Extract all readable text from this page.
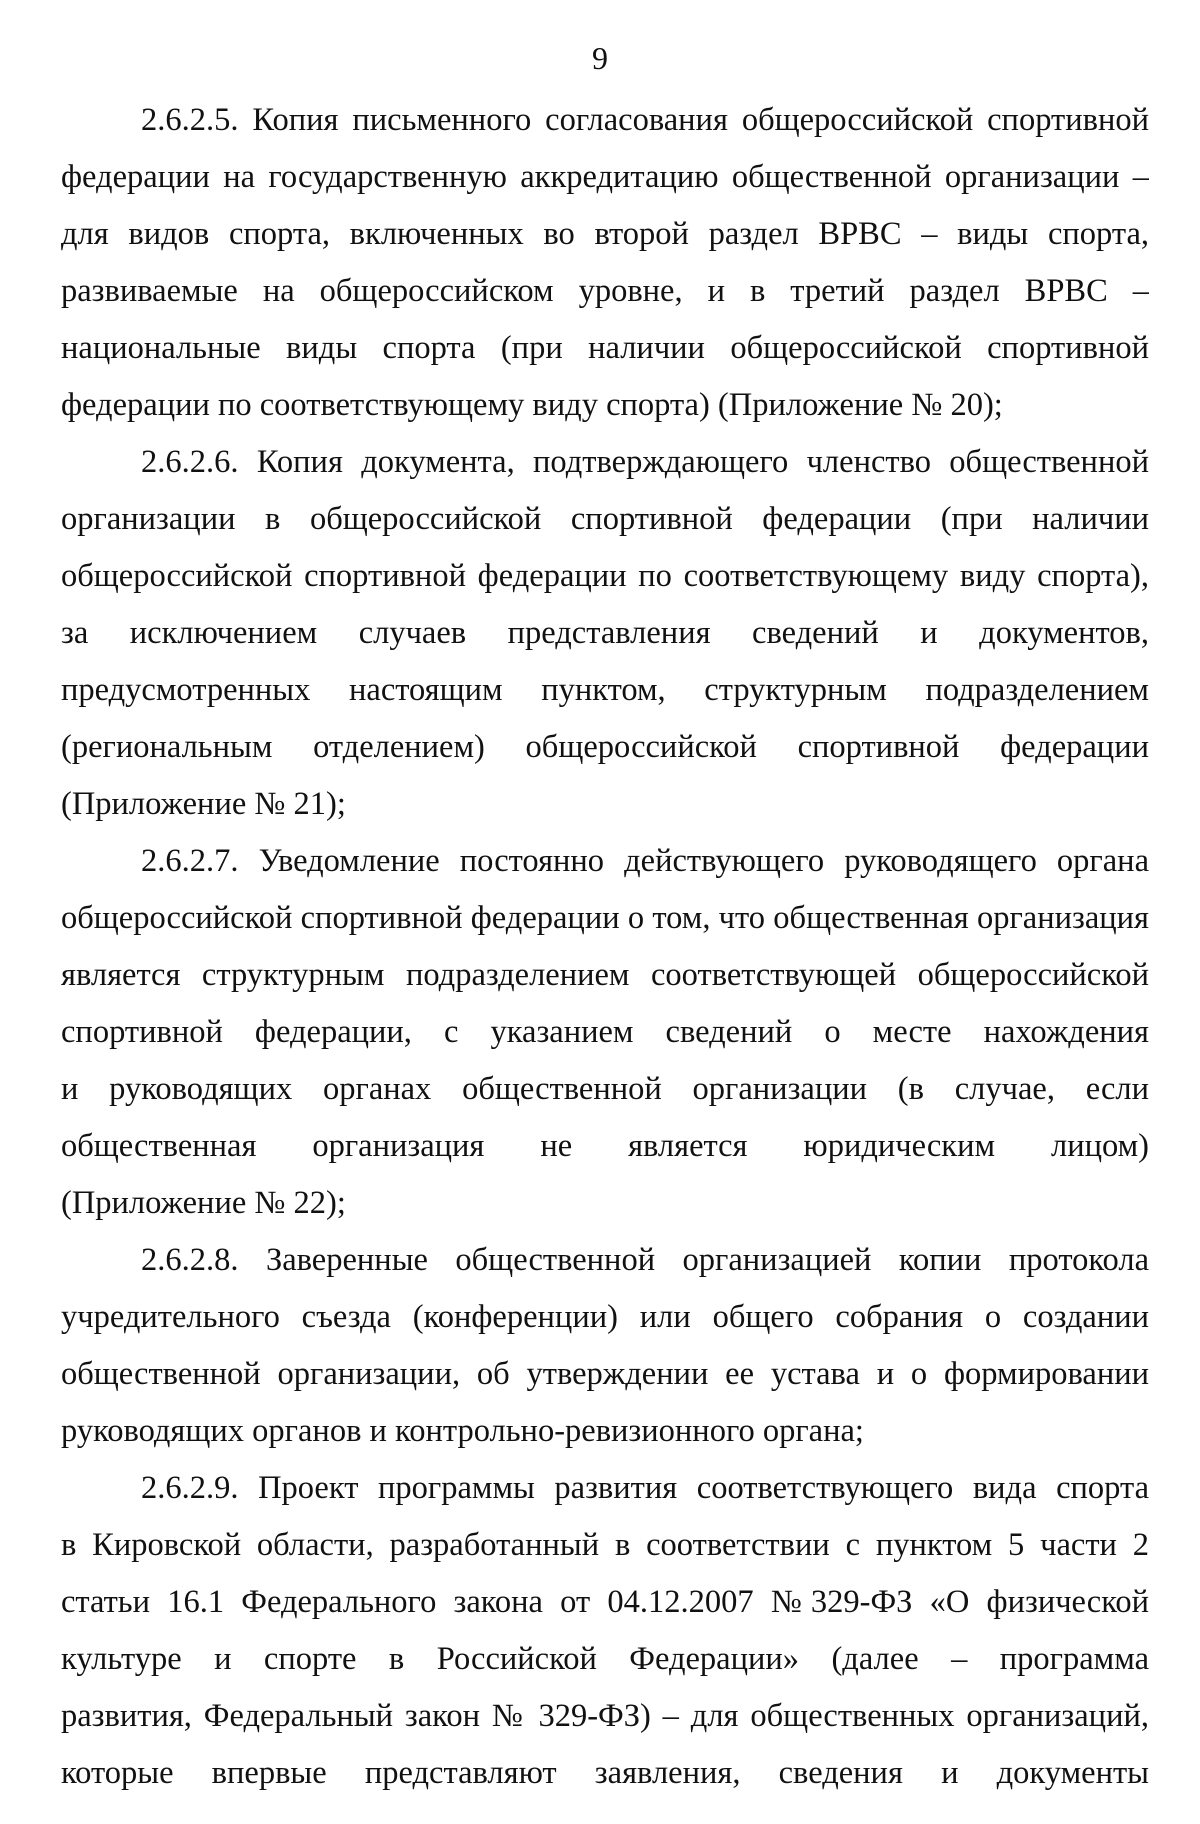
9
2.6.2.5. Копия письменного согласования общероссийской спортивной
федерации на государственную аккредитацию общественной организации –
для видов спорта, включенных во второй раздел ВРВС – виды спорта,
развиваемые на общероссийском уровне, и в третий раздел ВРВС –
национальные виды спорта (при наличии общероссийской спортивной
федерации по соответствующему виду спорта) (Приложение № 20);
2.6.2.6. Копия документа, подтверждающего членство общественной
организации в общероссийской спортивной федерации (при наличии
общероссийской спортивной федерации по соответствующему виду спорта),
за исключением случаев представления сведений и документов,
предусмотренных настоящим пунктом, структурным подразделением
(региональным отделением) общероссийской спортивной федерации
(Приложение № 21);
2.6.2.7. Уведомление постоянно действующего руководящего органа
общероссийской спортивной федерации о том, что общественная организация
является структурным подразделением соответствующей общероссийской
спортивной федерации, с указанием сведений о месте нахождения
и руководящих органах общественной организации (в случае, если
общественная организация не является юридическим лицом)
(Приложение № 22);
2.6.2.8. Заверенные общественной организацией копии протокола
учредительного съезда (конференции) или общего собрания о создании
общественной организации, об утверждении ее устава и о формировании
руководящих органов и контрольно-ревизионного органа;
2.6.2.9. Проект программы развития соответствующего вида спорта
в Кировской области, разработанный в соответствии с пунктом 5 части 2
статьи 16.1 Федерального закона от 04.12.2007 №329-ФЗ «О физической
культуре и спорте в Российской Федерации» (далее – программа
развития, Федеральный закон № 329-ФЗ) – для общественных организаций,
которые впервые представляют заявления, сведения и документы
